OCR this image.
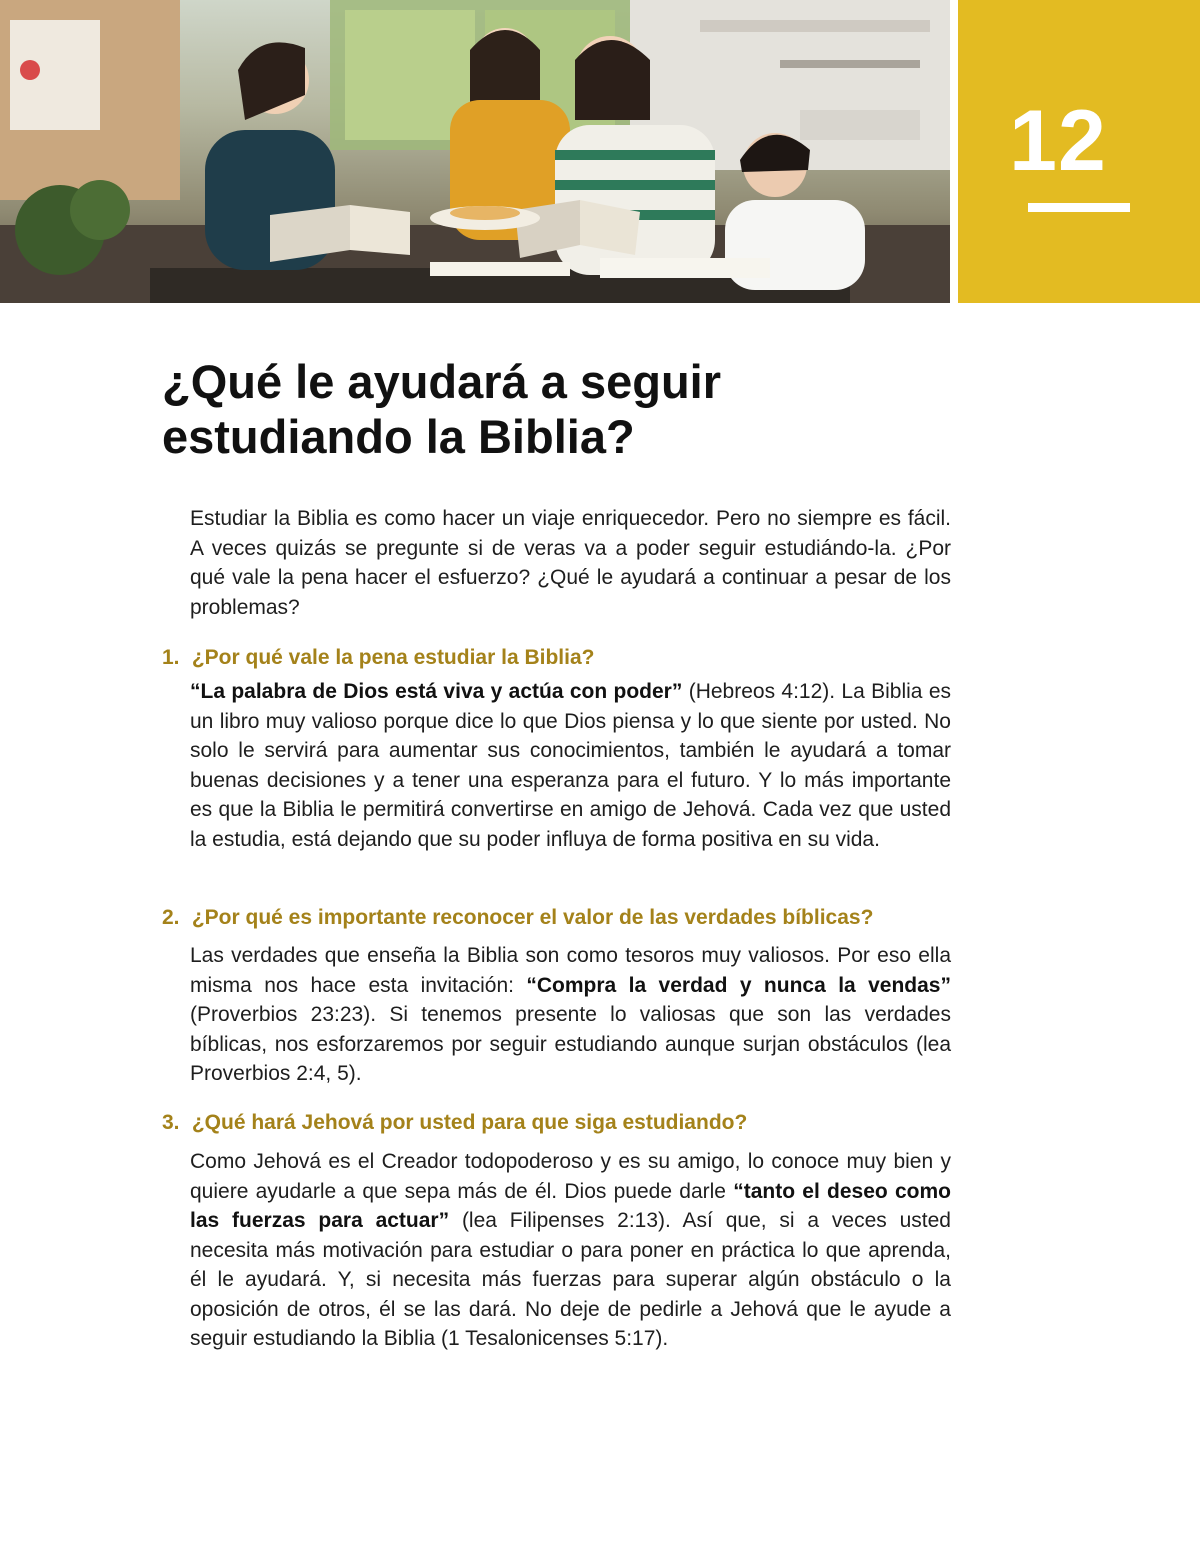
12
¿Qué le ayudará a seguir estudiando la Biblia?

Estudiar la Biblia es como hacer un viaje enriquecedor. Pero no siempre es fácil. A veces quizás se pregunte si de veras va a poder seguir estudiándo-la. ¿Por qué vale la pena hacer el esfuerzo? ¿Qué le ayudará a continuar a pesar de los problemas?

1. ¿Por qué vale la pena estudiar la Biblia?

“La palabra de Dios está viva y actúa con poder” (Hebreos 4:12). La Biblia es un libro muy valioso porque dice lo que Dios piensa y lo que siente por usted. No solo le servirá para aumentar sus conocimientos, también le ayudará a tomar buenas decisiones y a tener una esperanza para el futuro. Y lo más importante es que la Biblia le permitirá convertirse en amigo de Jehová. Cada vez que usted la estudia, está dejando que su poder influya de forma positiva en su vida.

2. ¿Por qué es importante reconocer el valor de las verdades bíblicas?

Las verdades que enseña la Biblia son como tesoros muy valiosos. Por eso ella misma nos hace esta invitación: “Compra la verdad y nunca la vendas” (Proverbios 23:23). Si tenemos presente lo valiosas que son las verdades bíblicas, nos esforzaremos por seguir estudiando aunque surjan obstáculos (lea Proverbios 2:4, 5).

3. ¿Qué hará Jehová por usted para que siga estudiando?

Como Jehová es el Creador todopoderoso y es su amigo, lo conoce muy bien y quiere ayudarle a que sepa más de él. Dios puede darle “tanto el deseo como las fuerzas para actuar” (lea Filipenses 2:13). Así que, si a veces usted necesita más motivación para estudiar o para poner en práctica lo que aprenda, él le ayudará. Y, si necesita más fuerzas para superar algún obstáculo o la oposición de otros, él se las dará. No deje de pedirle a Jehová que le ayude a seguir estudiando la Biblia (1 Tesalonicenses 5:17).
